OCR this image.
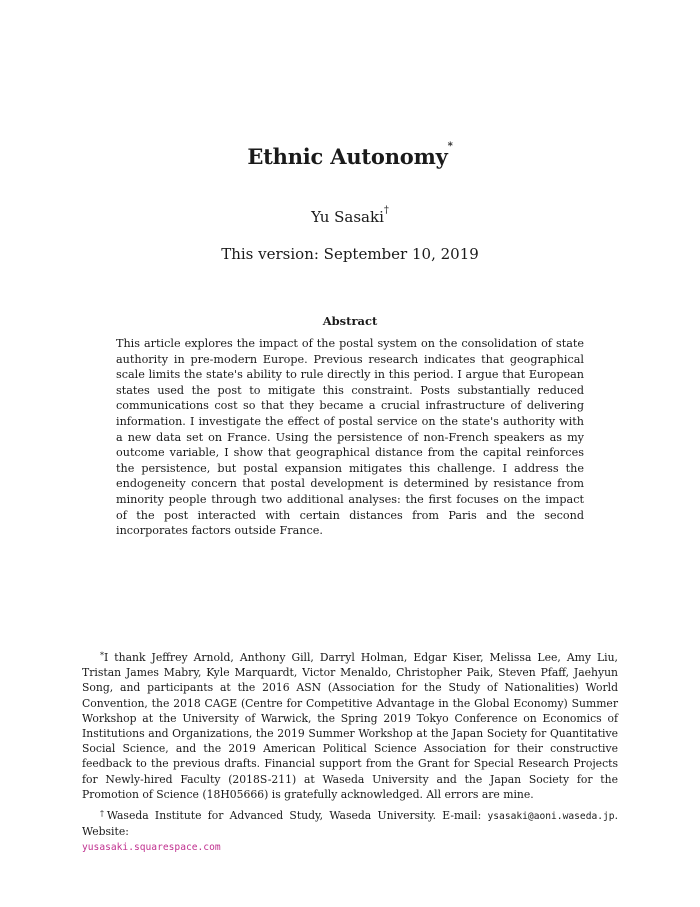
Ethnic Autonomy*
Yu Sasaki†
This version: September 10, 2019
Abstract
This article explores the impact of the postal system on the consolidation of state authority in pre-modern Europe. Previous research indicates that geographical scale limits the state's ability to rule directly in this period. I argue that European states used the post to mitigate this constraint. Posts substantially reduced communications cost so that they became a crucial infrastructure of delivering information. I investigate the effect of postal service on the state's authority with a new data set on France. Using the persistence of non-French speakers as my outcome variable, I show that geographical distance from the capital reinforces the persistence, but postal expansion mitigates this challenge. I address the endogeneity concern that postal development is determined by resistance from minority people through two additional analyses: the first focuses on the impact of the post interacted with certain distances from Paris and the second incorporates factors outside France.

*I thank Jeffrey Arnold, Anthony Gill, Darryl Holman, Edgar Kiser, Melissa Lee, Amy Liu, Tristan James Mabry, Kyle Marquardt, Victor Menaldo, Christopher Paik, Steven Pfaff, Jaehyun Song, and participants at the 2016 ASN (Association for the Study of Nationalities) World Convention, the 2018 CAGE (Centre for Competitive Advantage in the Global Economy) Summer Workshop at the University of Warwick, the Spring 2019 Tokyo Conference on Economics of Institutions and Organizations, the 2019 Summer Workshop at the Japan Society for Quantitative Social Science, and the 2019 American Political Science Association for their constructive feedback to the previous drafts. Financial support from the Grant for Special Research Projects for Newly-hired Faculty (2018S-211) at Waseda University and the Japan Society for the Promotion of Science (18H05666) is gratefully acknowledged. All errors are mine.

†Waseda Institute for Advanced Study, Waseda University. E-mail: ysasaki@aoni.waseda.jp. Website:
yusasaki.squarespace.com
